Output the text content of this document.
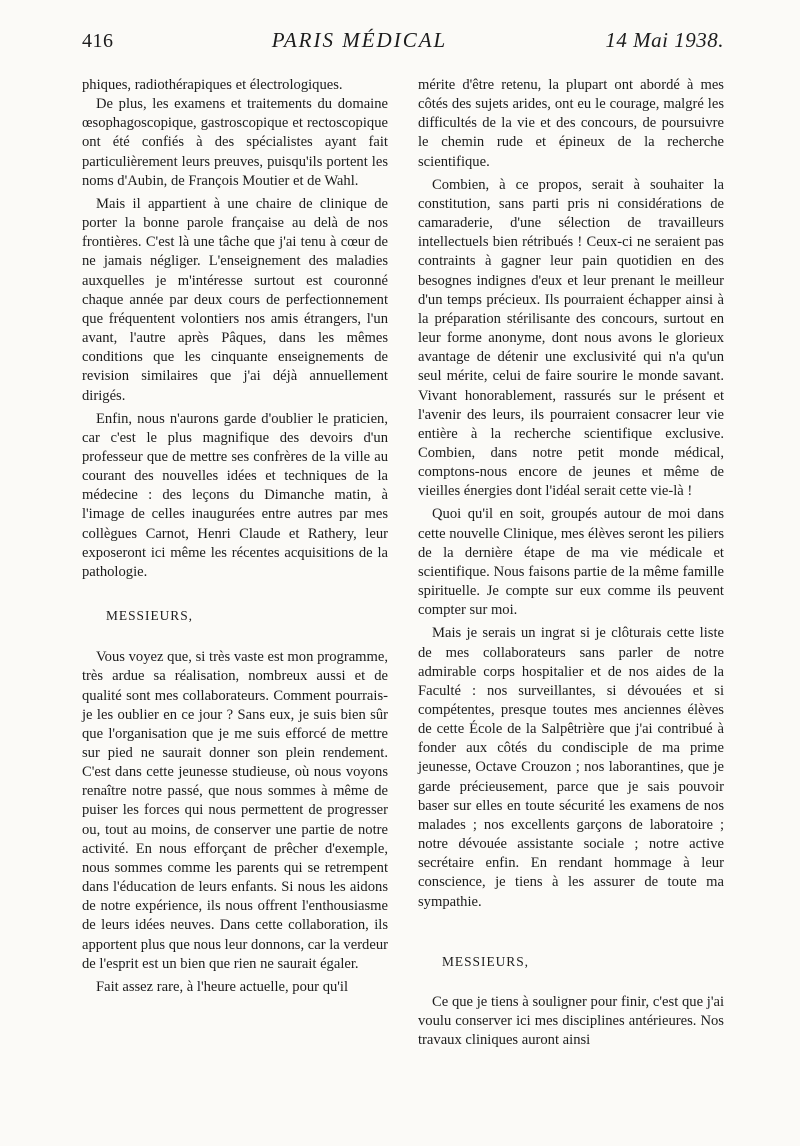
416	PARIS MÉDICAL	14 Mai 1938.

phiques, radiothérapiques et électrologiques.

De plus, les examens et traitements du domaine œsophagoscopique, gastroscopique et rectoscopique ont été confiés à des spécialistes ayant fait particulièrement leurs preuves, puisqu'ils portent les noms d'Aubin, de François Moutier et de Wahl.

Mais il appartient à une chaire de clinique de porter la bonne parole française au delà de nos frontières. C'est là une tâche que j'ai tenu à cœur de ne jamais négliger. L'enseignement des maladies auxquelles je m'intéresse surtout est couronné chaque année par deux cours de perfectionnement que fréquentent volontiers nos amis étrangers, l'un avant, l'autre après Pâques, dans les mêmes conditions que les cinquante enseignements de revision similaires que j'ai déjà annuellement dirigés.

Enfin, nous n'aurons garde d'oublier le praticien, car c'est le plus magnifique des devoirs d'un professeur que de mettre ses confrères de la ville au courant des nouvelles idées et techniques de la médecine : des leçons du Dimanche matin, à l'image de celles inaugurées entre autres par mes collègues Carnot, Henri Claude et Rathery, leur exposeront ici même les récentes acquisitions de la pathologie.

MESSIEURS,

Vous voyez que, si très vaste est mon programme, très ardue sa réalisation, nombreux aussi et de qualité sont mes collaborateurs. Comment pourrais-je les oublier en ce jour ? Sans eux, je suis bien sûr que l'organisation que je me suis efforcé de mettre sur pied ne saurait donner son plein rendement. C'est dans cette jeunesse studieuse, où nous voyons renaître notre passé, que nous sommes à même de puiser les forces qui nous permettent de progresser ou, tout au moins, de conserver une partie de notre activité. En nous efforçant de prêcher d'exemple, nous sommes comme les parents qui se retrempent dans l'éducation de leurs enfants. Si nous les aidons de notre expérience, ils nous offrent l'enthousiasme de leurs idées neuves. Dans cette collaboration, ils apportent plus que nous leur donnons, car la verdeur de l'esprit est un bien que rien ne saurait égaler.

Fait assez rare, à l'heure actuelle, pour qu'il

mérite d'être retenu, la plupart ont abordé à mes côtés des sujets arides, ont eu le courage, malgré les difficultés de la vie et des concours, de poursuivre le chemin rude et épineux de la recherche scientifique.

Combien, à ce propos, serait à souhaiter la constitution, sans parti pris ni considérations de camaraderie, d'une sélection de travailleurs intellectuels bien rétribués ! Ceux-ci ne seraient pas contraints à gagner leur pain quotidien en des besognes indignes d'eux et leur prenant le meilleur d'un temps précieux. Ils pourraient échapper ainsi à la préparation stérilisante des concours, surtout en leur forme anonyme, dont nous avons le glorieux avantage de détenir une exclusivité qui n'a qu'un seul mérite, celui de faire sourire le monde savant. Vivant honorablement, rassurés sur le présent et l'avenir des leurs, ils pourraient consacrer leur vie entière à la recherche scientifique exclusive. Combien, dans notre petit monde médical, comptons-nous encore de jeunes et même de vieilles énergies dont l'idéal serait cette vie-là !

Quoi qu'il en soit, groupés autour de moi dans cette nouvelle Clinique, mes élèves seront les piliers de la dernière étape de ma vie médicale et scientifique. Nous faisons partie de la même famille spirituelle. Je compte sur eux comme ils peuvent compter sur moi.

Mais je serais un ingrat si je clôturais cette liste de mes collaborateurs sans parler de notre admirable corps hospitalier et de nos aides de la Faculté : nos surveillantes, si dévouées et si compétentes, presque toutes mes anciennes élèves de cette École de la Salpêtrière que j'ai contribué à fonder aux côtés du condisciple de ma prime jeunesse, Octave Crouzon ; nos laborantines, que je garde précieusement, parce que je sais pouvoir baser sur elles en toute sécurité les examens de nos malades ; nos excellents garçons de laboratoire ; notre dévouée assistante sociale ; notre active secrétaire enfin. En rendant hommage à leur conscience, je tiens à les assurer de toute ma sympathie.

MESSIEURS,

Ce que je tiens à souligner pour finir, c'est que j'ai voulu conserver ici mes disciplines antérieures. Nos travaux cliniques auront ainsi
